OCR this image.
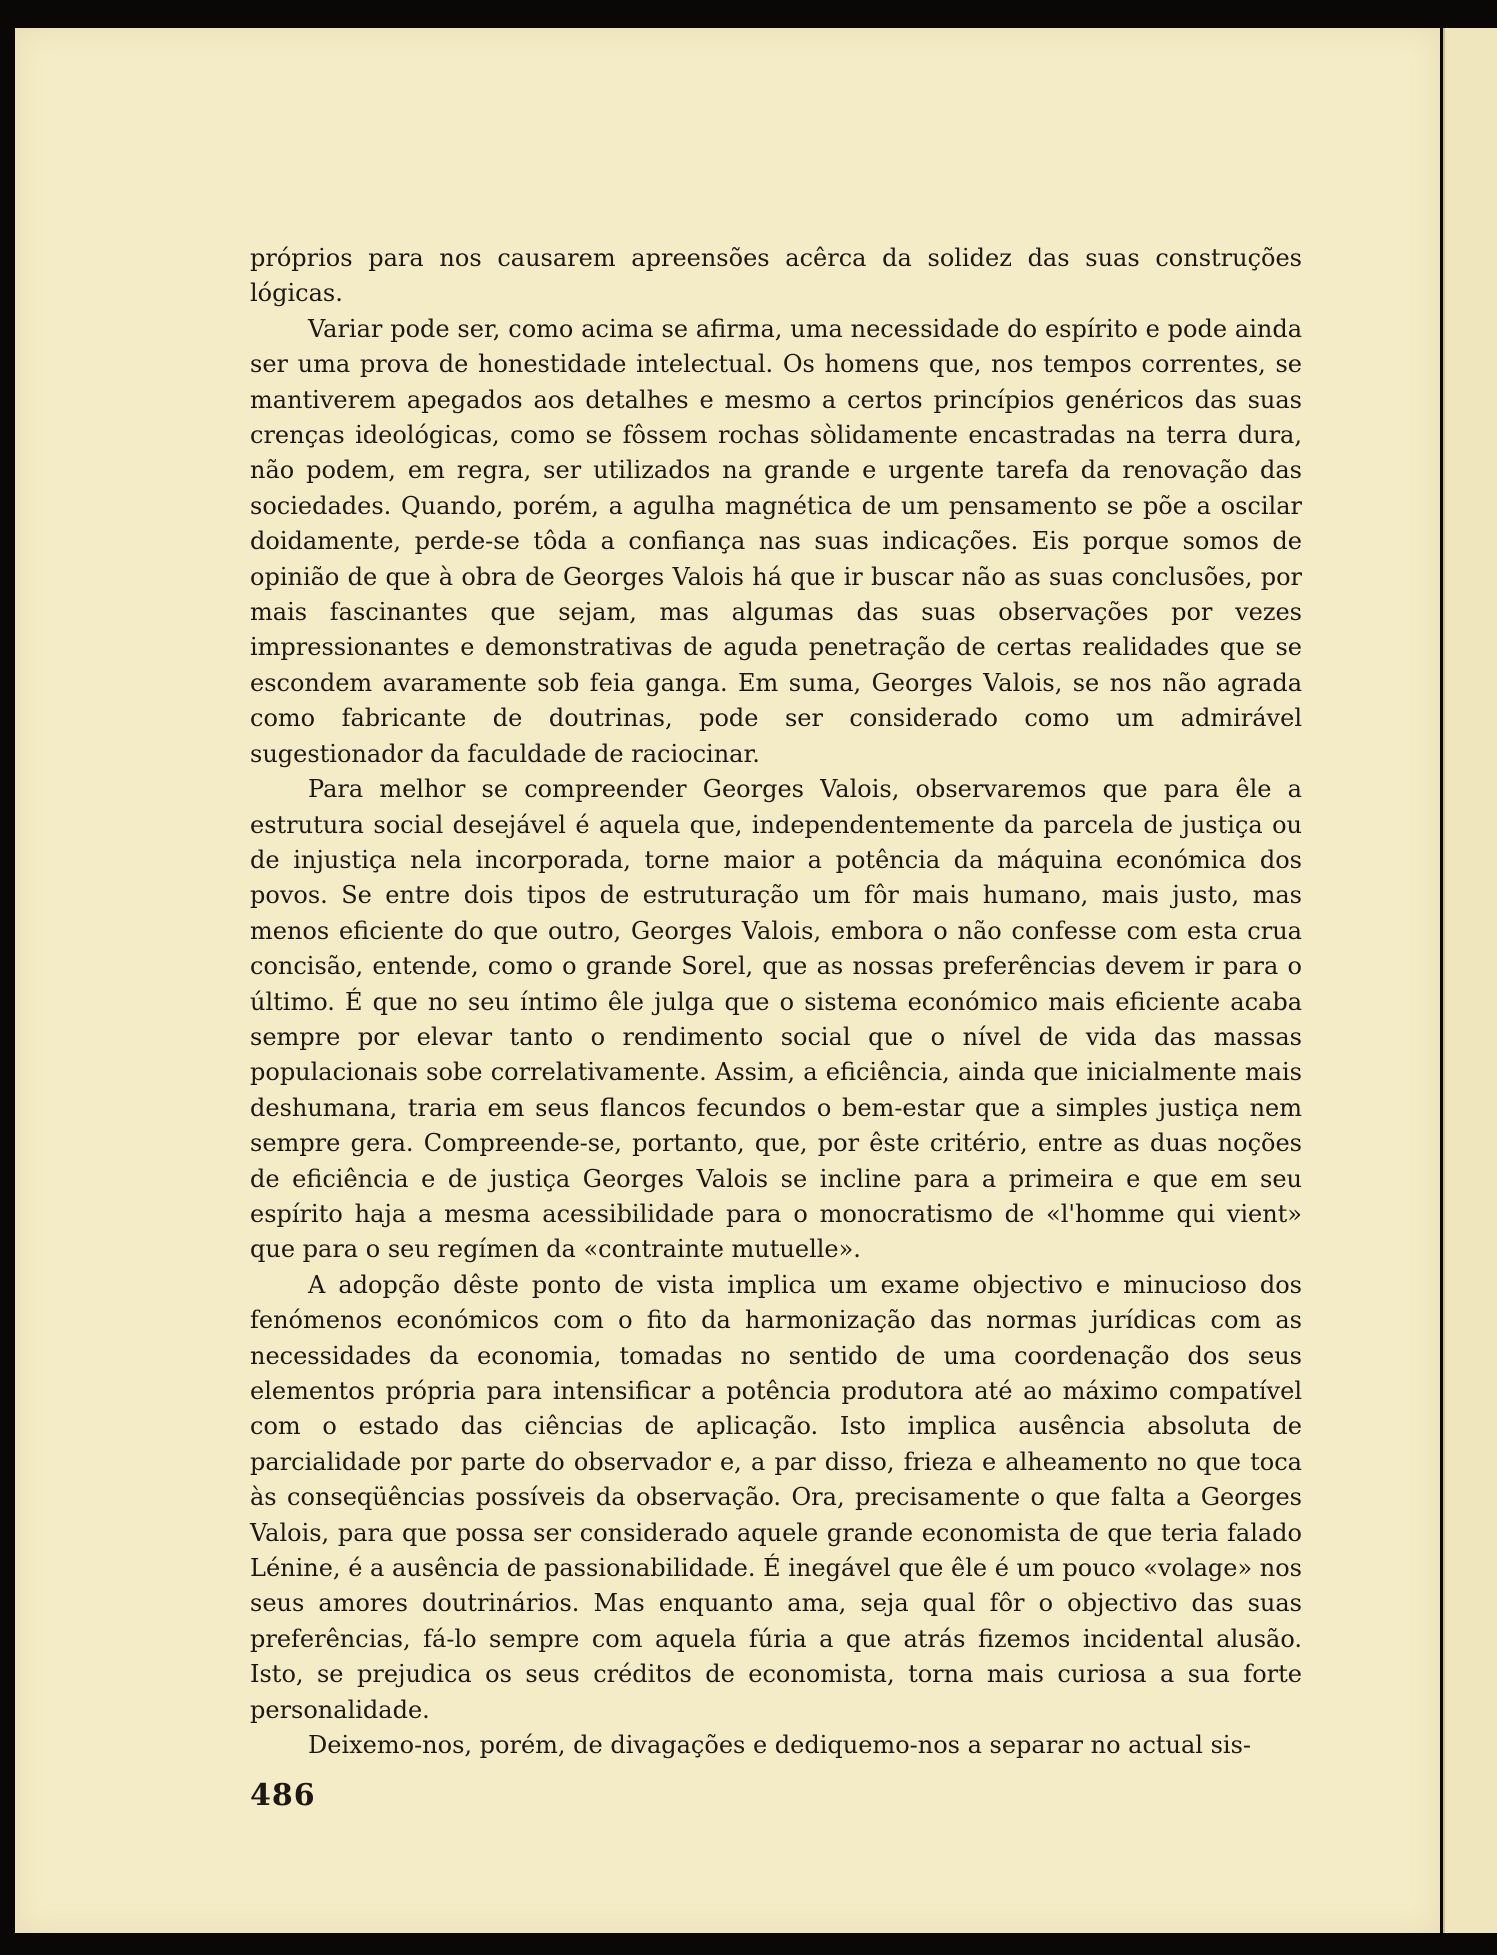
próprios para nos causarem apreensões acêrca da solidez das suas construções lógicas.

Variar pode ser, como acima se afirma, uma necessidade do espírito e pode ainda ser uma prova de honestidade intelectual. Os homens que, nos tempos correntes, se mantiverem apegados aos detalhes e mesmo a certos princípios genéricos das suas crenças ideológicas, como se fôssem rochas sòlidamente encastradas na terra dura, não podem, em regra, ser utilizados na grande e urgente tarefa da renovação das sociedades. Quando, porém, a agulha magnética de um pensamento se põe a oscilar doidamente, perde-se tôda a confiança nas suas indicações. Eis porque somos de opinião de que à obra de Georges Valois há que ir buscar não as suas conclusões, por mais fascinantes que sejam, mas algumas das suas observações por vezes impressionantes e demonstrativas de aguda penetração de certas realidades que se escondem avaramente sob feia ganga. Em suma, Georges Valois, se nos não agrada como fabricante de doutrinas, pode ser considerado como um admirável sugestionador da faculdade de raciocinar.

Para melhor se compreender Georges Valois, observaremos que para êle a estrutura social desejável é aquela que, independentemente da parcela de justiça ou de injustiça nela incorporada, torne maior a potência da máquina económica dos povos. Se entre dois tipos de estruturação um fôr mais humano, mais justo, mas menos eficiente do que outro, Georges Valois, embora o não confesse com esta crua concisão, entende, como o grande Sorel, que as nossas preferências devem ir para o último. É que no seu íntimo êle julga que o sistema económico mais eficiente acaba sempre por elevar tanto o rendimento social que o nível de vida das massas populacionais sobe correlativamente. Assim, a eficiência, ainda que inicialmente mais deshumana, traria em seus flancos fecundos o bem-estar que a simples justiça nem sempre gera. Compreende-se, portanto, que, por êste critério, entre as duas noções de eficiência e de justiça Georges Valois se incline para a primeira e que em seu espírito haja a mesma acessibilidade para o monocratismo de «l'homme qui vient» que para o seu regímen da «contrainte mutuelle».

A adopção dêste ponto de vista implica um exame objectivo e minucioso dos fenómenos económicos com o fito da harmonização das normas jurídicas com as necessidades da economia, tomadas no sentido de uma coordenação dos seus elementos própria para intensificar a potência produtora até ao máximo compatível com o estado das ciências de aplicação. Isto implica ausência absoluta de parcialidade por parte do observador e, a par disso, frieza e alheamento no que toca às conseqüências possíveis da observação. Ora, precisamente o que falta a Georges Valois, para que possa ser considerado aquele grande economista de que teria falado Lénine, é a ausência de passionabilidade. É inegável que êle é um pouco «volage» nos seus amores doutrinários. Mas enquanto ama, seja qual fôr o objectivo das suas preferências, fá-lo sempre com aquela fúria a que atrás fizemos incidental alusão. Isto, se prejudica os seus créditos de economista, torna mais curiosa a sua forte personalidade.

Deixemo-nos, porém, de divagações e dediquemo-nos a separar no actual sis-

486
